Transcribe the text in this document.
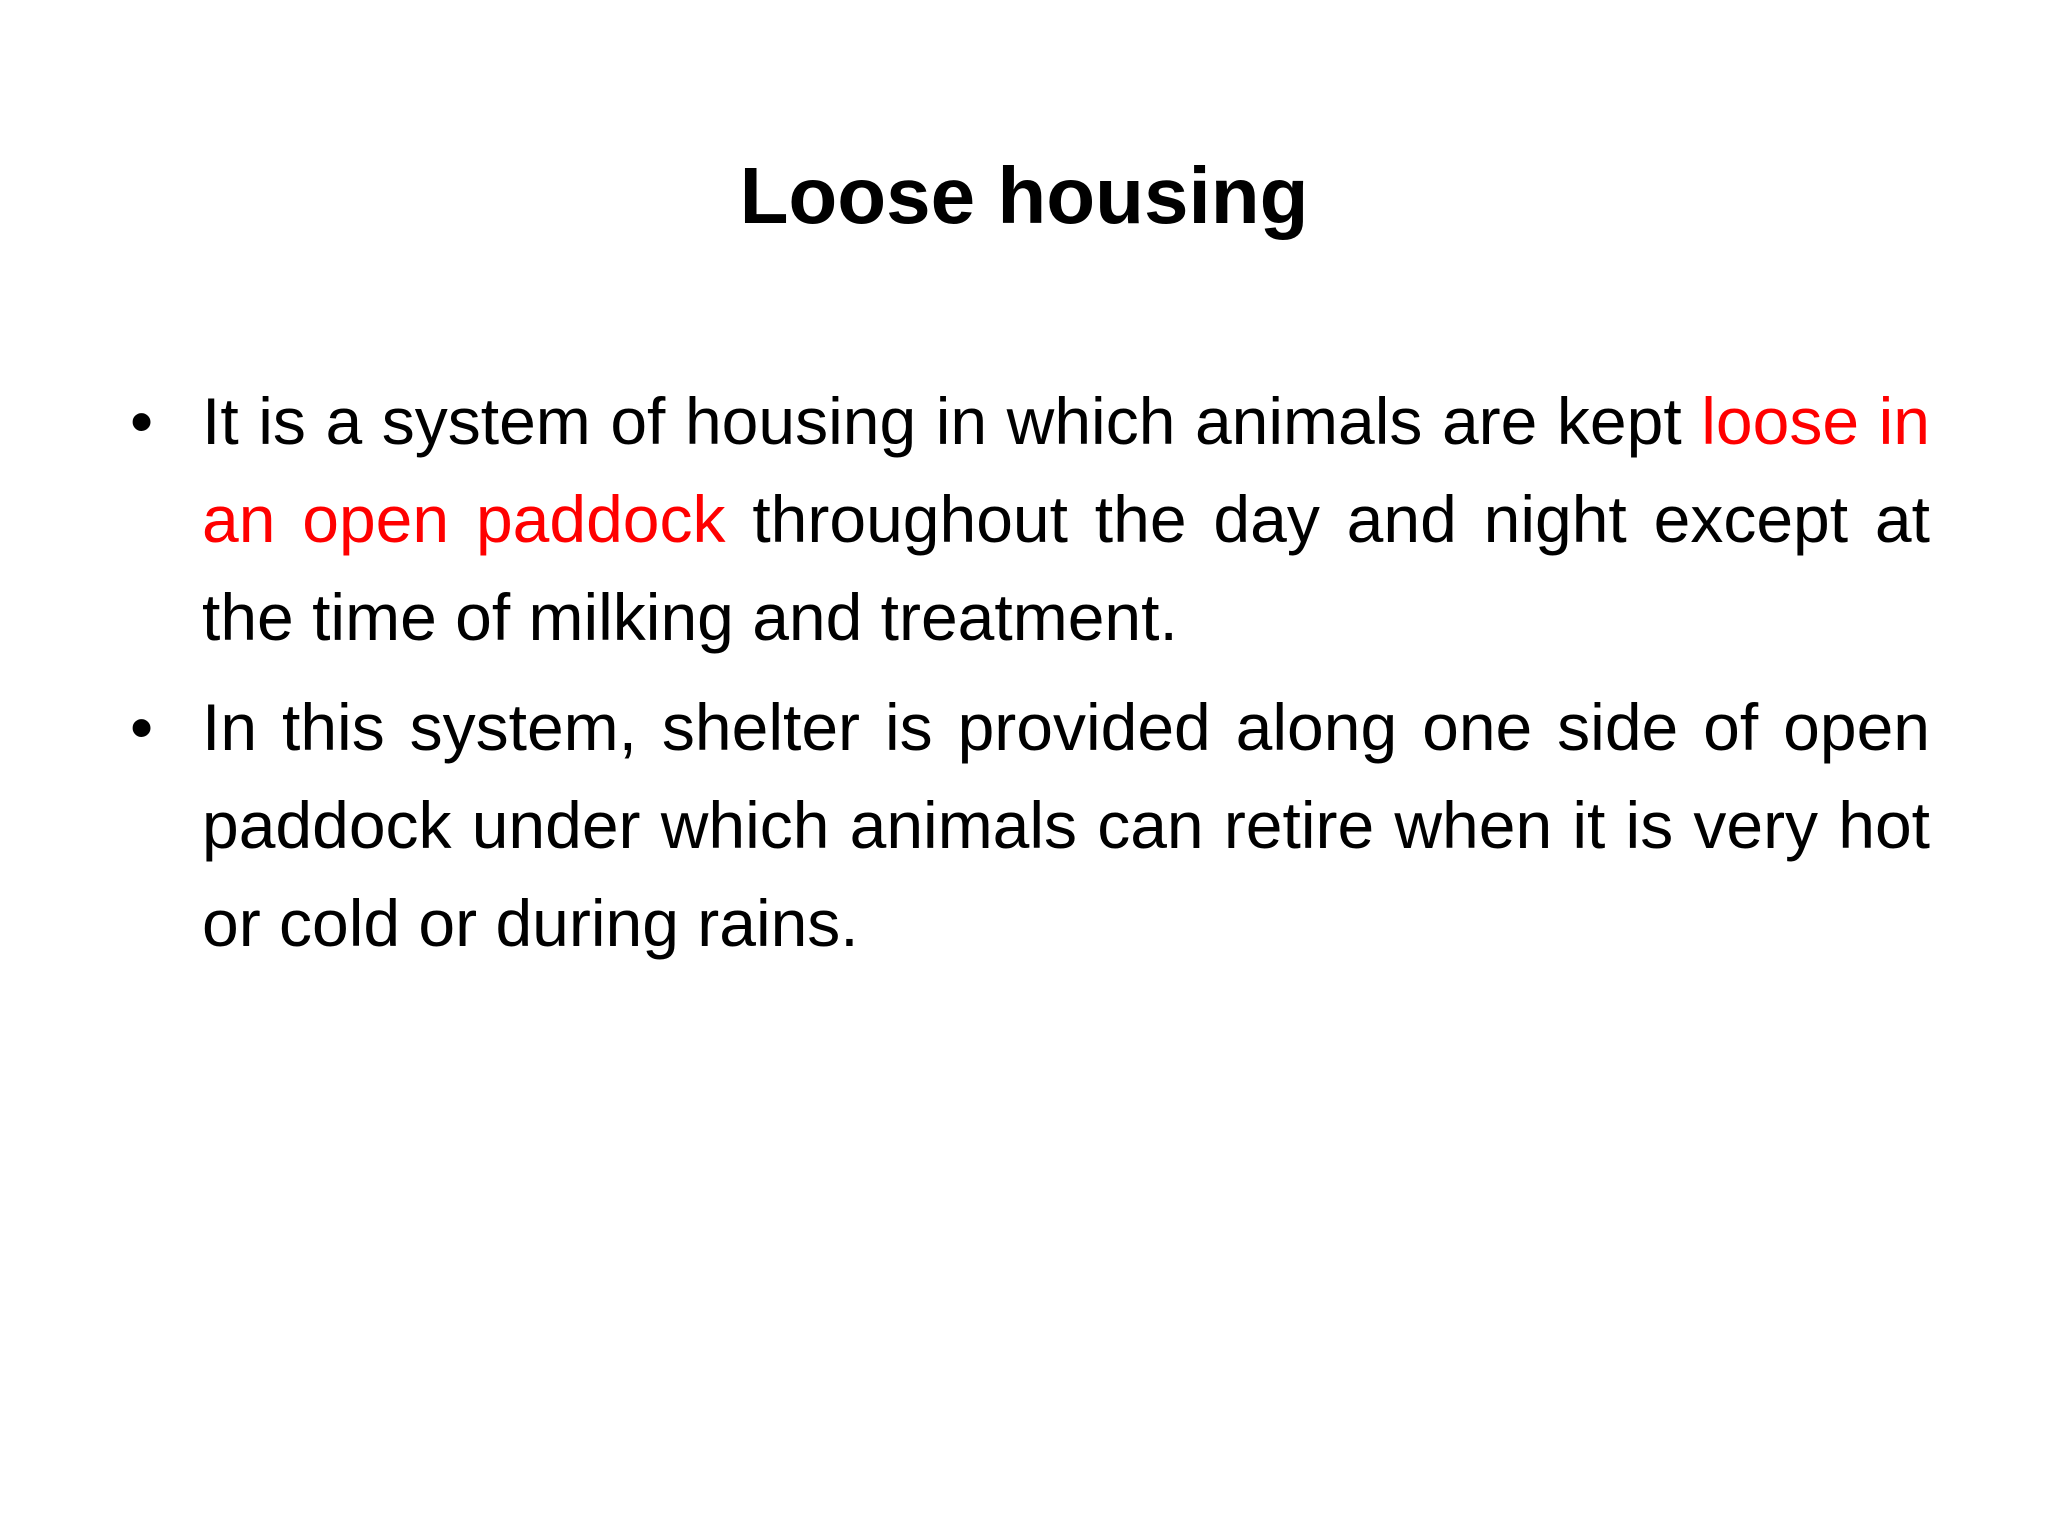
Loose housing
• It is a system of housing in which animals are kept loose in an open paddock throughout the day and night except at the time of milking and treatment.
• In this system, shelter is provided along one side of open paddock under which animals can retire when it is very hot or cold or during rains.
